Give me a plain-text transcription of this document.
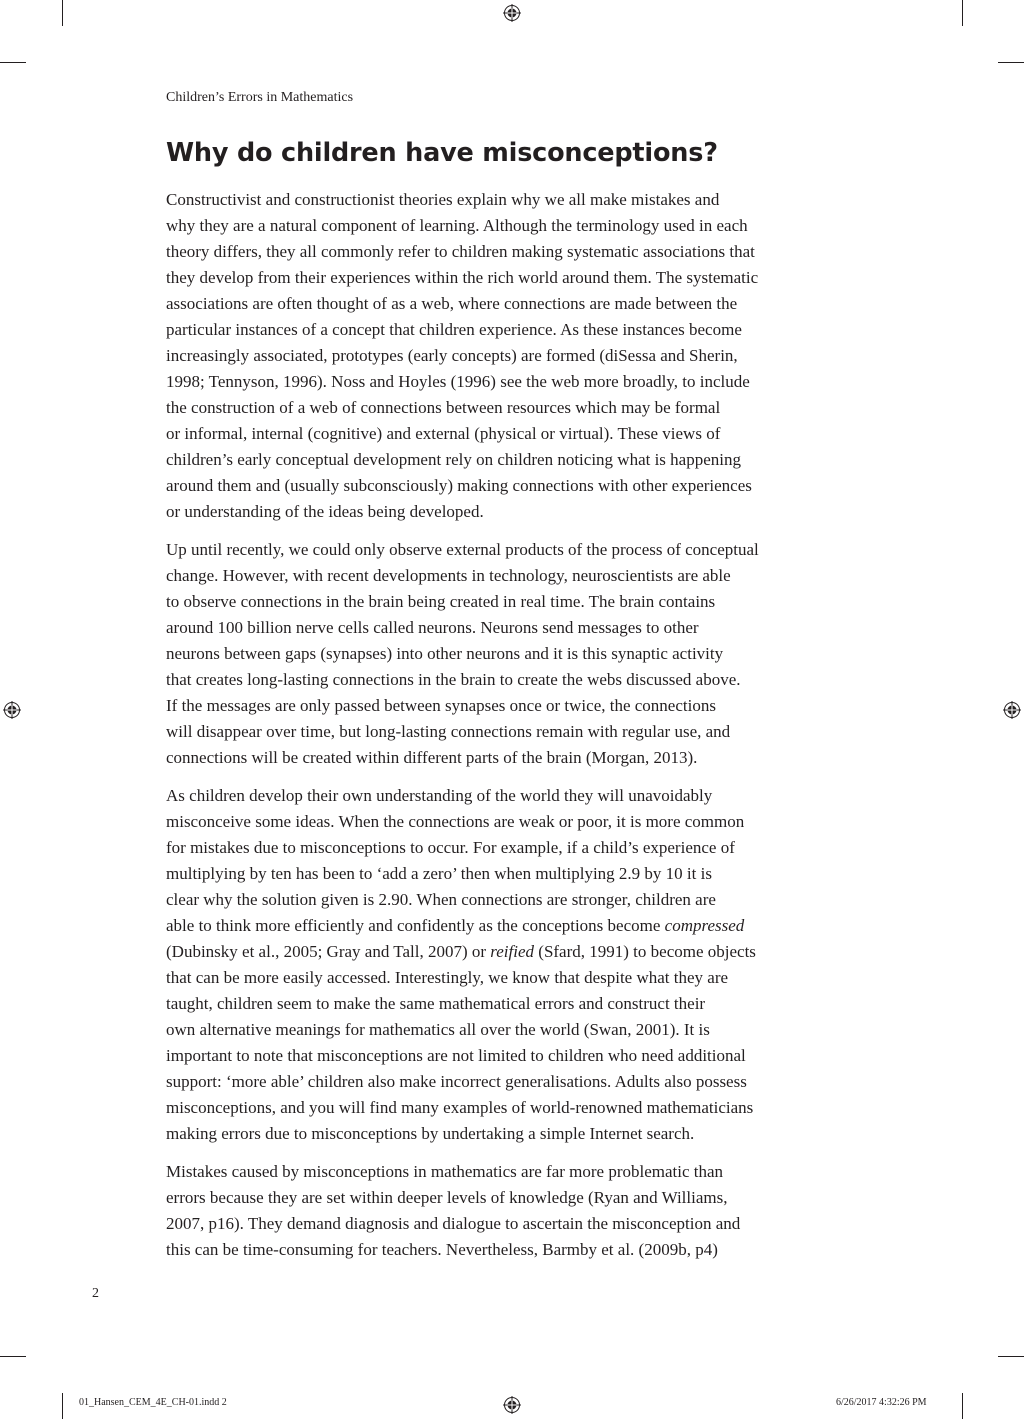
Children’s Errors in Mathematics
Why do children have misconceptions?

Constructivist and constructionist theories explain why we all make mistakes and
why they are a natural component of learning. Although the terminology used in each
theory differs, they all commonly refer to children making systematic associations that
they develop from their experiences within the rich world around them. The systematic
associations are often thought of as a web, where connections are made between the
particular instances of a concept that children experience. As these instances become
increasingly associated, prototypes (early concepts) are formed (diSessa and Sherin,
1998; Tennyson, 1996). Noss and Hoyles (1996) see the web more broadly, to include
the construction of a web of connections between resources which may be formal
or informal, internal (cognitive) and external (physical or virtual). These views of
children’s early conceptual development rely on children noticing what is happening
around them and (usually subconsciously) making connections with other experiences
or understanding of the ideas being developed.

Up until recently, we could only observe external products of the process of conceptual
change. However, with recent developments in technology, neuroscientists are able
to observe connections in the brain being created in real time. The brain contains
around 100 billion nerve cells called neurons. Neurons send messages to other
neurons between gaps (synapses) into other neurons and it is this synaptic activity
that creates long-lasting connections in the brain to create the webs discussed above.
If the messages are only passed between synapses once or twice, the connections
will disappear over time, but long-lasting connections remain with regular use, and
connections will be created within different parts of the brain (Morgan, 2013).

As children develop their own understanding of the world they will unavoidably
misconceive some ideas. When the connections are weak or poor, it is more common
for mistakes due to misconceptions to occur. For example, if a child’s experience of
multiplying by ten has been to ‘add a zero’ then when multiplying 2.9 by 10 it is
clear why the solution given is 2.90. When connections are stronger, children are
able to think more efficiently and confidently as the conceptions become compressed
(Dubinsky et al., 2005; Gray and Tall, 2007) or reified (Sfard, 1991) to become objects
that can be more easily accessed. Interestingly, we know that despite what they are
taught, children seem to make the same mathematical errors and construct their
own alternative meanings for mathematics all over the world (Swan, 2001). It is
important to note that misconceptions are not limited to children who need additional
support: ‘more able’ children also make incorrect generalisations. Adults also possess
misconceptions, and you will find many examples of world-renowned mathematicians
making errors due to misconceptions by undertaking a simple Internet search.

Mistakes caused by misconceptions in mathematics are far more problematic than
errors because they are set within deeper levels of knowledge (Ryan and Williams,
2007, p16). They demand diagnosis and dialogue to ascertain the misconception and
this can be time-consuming for teachers. Nevertheless, Barmby et al. (2009b, p4)

2
01_Hansen_CEM_4E_CH-01.indd 2	6/26/2017 4:32:26 PM
